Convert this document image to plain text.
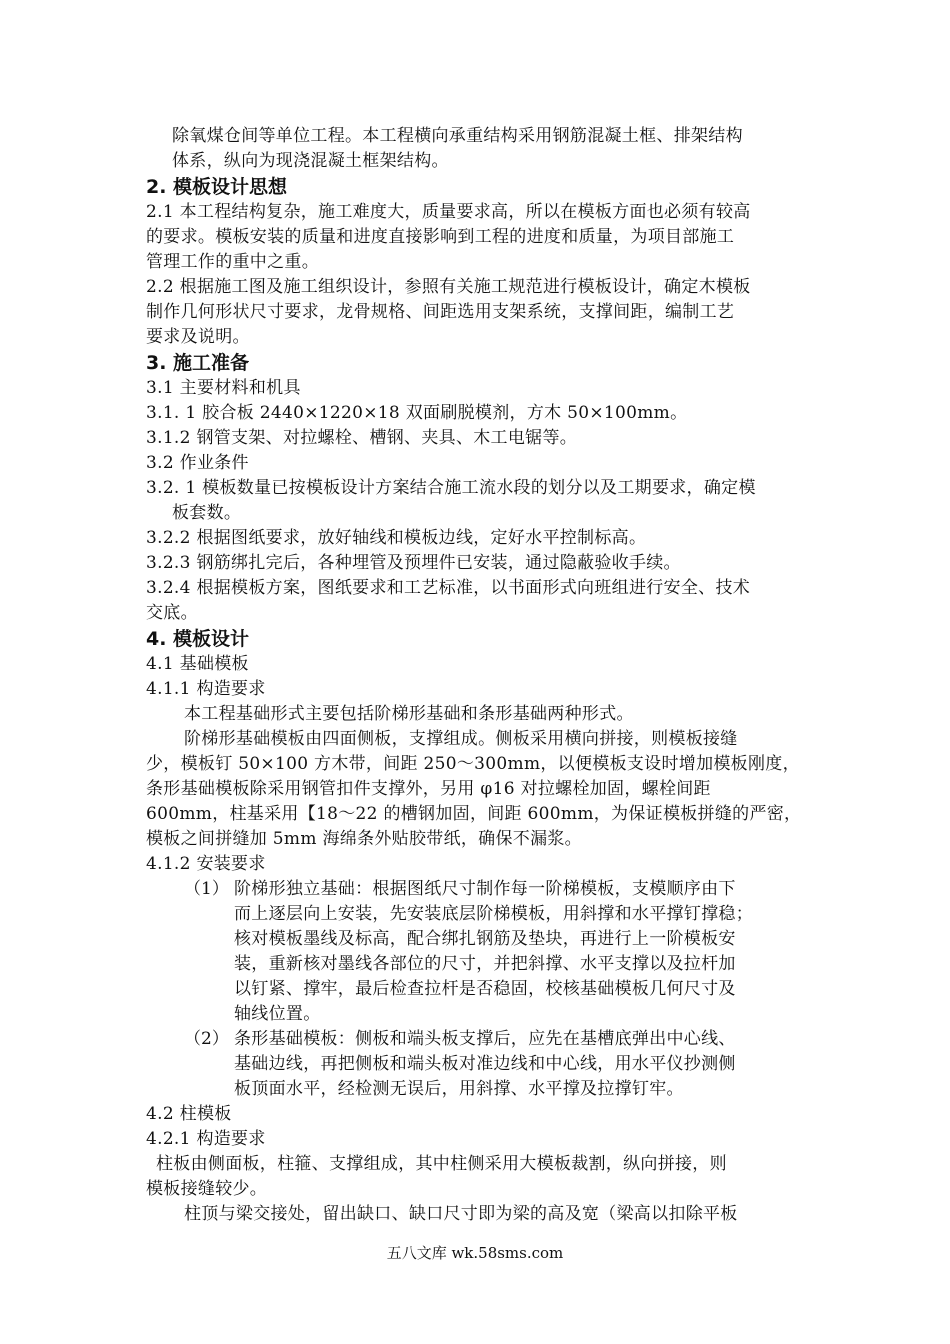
除氧煤仓间等单位工程。本工程横向承重结构采用钢筋混凝土框、排架结构
体系，纵向为现浇混凝土框架结构。
2. 模板设计思想
2.1 本工程结构复杂，施工难度大，质量要求高，所以在模板方面也必须有较高
的要求。模板安装的质量和进度直接影响到工程的进度和质量，为项目部施工
管理工作的重中之重。
2.2 根据施工图及施工组织设计，参照有关施工规范进行模板设计，确定木模板
制作几何形状尺寸要求，龙骨规格、间距选用支架系统，支撑间距，编制工艺
要求及说明。
3. 施工准备
3.1 主要材料和机具
3.1. 1 胶合板 2440×1220×18 双面刷脱模剂，方木 50×100mm。
3.1.2 钢管支架、对拉螺栓、槽钢、夹具、木工电锯等。
3.2 作业条件
3.2. 1 模板数量已按模板设计方案结合施工流水段的划分以及工期要求，确定模
板套数。
3.2.2 根据图纸要求，放好轴线和模板边线，定好水平控制标高。
3.2.3 钢筋绑扎完后，各种埋管及预埋件已安装，通过隐蔽验收手续。
3.2.4 根据模板方案，图纸要求和工艺标准，以书面形式向班组进行安全、技术
交底。
4. 模板设计
4.1 基础模板
4.1.1 构造要求
本工程基础形式主要包括阶梯形基础和条形基础两种形式。
阶梯形基础模板由四面侧板，支撑组成。侧板采用横向拼接，则模板接缝
少，模板钉 50×100 方木带，间距 250～300mm，以便模板支设时增加模板刚度，
条形基础模板除采用钢管扣件支撑外，另用 φ16 对拉螺栓加固，螺栓间距
600mm，柱基采用【18～22 的槽钢加固，间距 600mm，为保证模板拼缝的严密，
模板之间拼缝加 5mm 海绵条外贴胶带纸，确保不漏浆。
4.1.2 安装要求
（1） 阶梯形独立基础：根据图纸尺寸制作每一阶梯模板，支模顺序由下
而上逐层向上安装，先安装底层阶梯模板，用斜撑和水平撑钉撑稳；
核对模板墨线及标高，配合绑扎钢筋及垫块，再进行上一阶模板安
装，重新核对墨线各部位的尺寸，并把斜撑、水平支撑以及拉杆加
以钉紧、撑牢，最后检查拉杆是否稳固，校核基础模板几何尺寸及
轴线位置。
（2） 条形基础模板：侧板和端头板支撑后，应先在基槽底弹出中心线、
基础边线，再把侧板和端头板对准边线和中心线，用水平仪抄测侧
板顶面水平，经检测无误后，用斜撑、水平撑及拉撑钉牢。
4.2 柱模板
4.2.1 构造要求
柱板由侧面板，柱箍、支撑组成，其中柱侧采用大模板裁割，纵向拼接，则
模板接缝较少。
柱顶与梁交接处，留出缺口、缺口尺寸即为梁的高及宽（梁高以扣除平板
五八文库 wk.58sms.com
